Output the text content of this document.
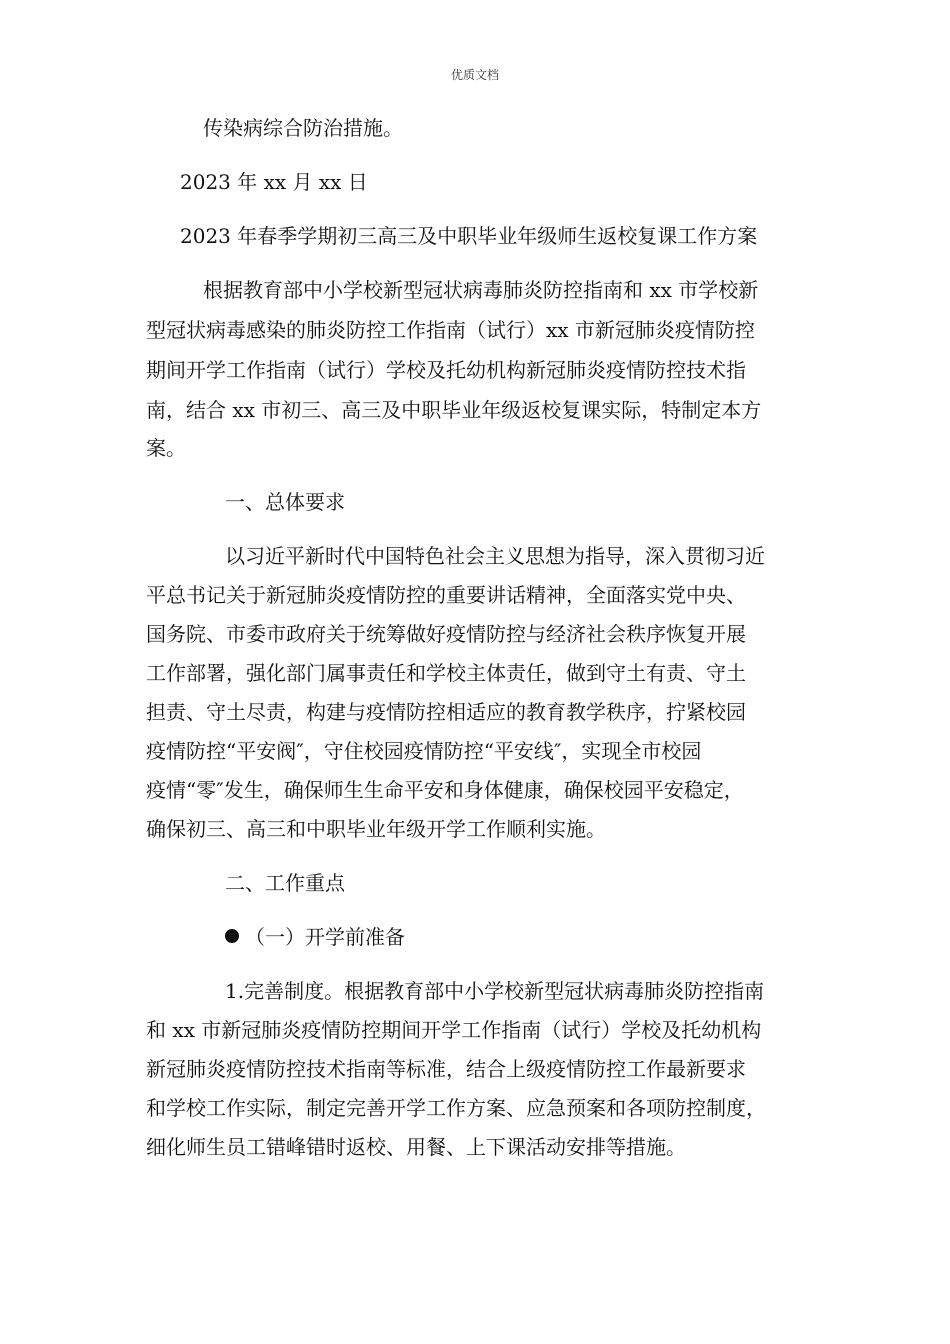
优质文档
传染病综合防治措施。
2023 年 xx 月 xx 日
2023 年春季学期初三高三及中职毕业年级师生返校复课工作方案
根据教育部中小学校新型冠状病毒肺炎防控指南和 xx 市学校新
型冠状病毒感染的肺炎防控工作指南（试行）xx 市新冠肺炎疫情防控
期间开学工作指南（试行）学校及托幼机构新冠肺炎疫情防控技术指
南，结合 xx 市初三、高三及中职毕业年级返校复课实际，特制定本方
案。
一、总体要求
以习近平新时代中国特色社会主义思想为指导，深入贯彻习近
平总书记关于新冠肺炎疫情防控的重要讲话精神，全面落实党中央、
国务院、市委市政府关于统筹做好疫情防控与经济社会秩序恢复开展
工作部署，强化部门属事责任和学校主体责任，做到守土有责、守土
担责、守土尽责，构建与疫情防控相适应的教育教学秩序，拧紧校园
疫情防控“平安阀″，守住校园疫情防控“平安线″，实现全市校园
疫情“零″发生，确保师生生命平安和身体健康，确保校园平安稳定，
确保初三、高三和中职毕业年级开学工作顺利实施。
二、工作重点
（一）开学前准备
1.完善制度。根据教育部中小学校新型冠状病毒肺炎防控指南
和 xx 市新冠肺炎疫情防控期间开学工作指南（试行）学校及托幼机构
新冠肺炎疫情防控技术指南等标准，结合上级疫情防控工作最新要求
和学校工作实际，制定完善开学工作方案、应急预案和各项防控制度，
细化师生员工错峰错时返校、用餐、上下课活动安排等措施。
